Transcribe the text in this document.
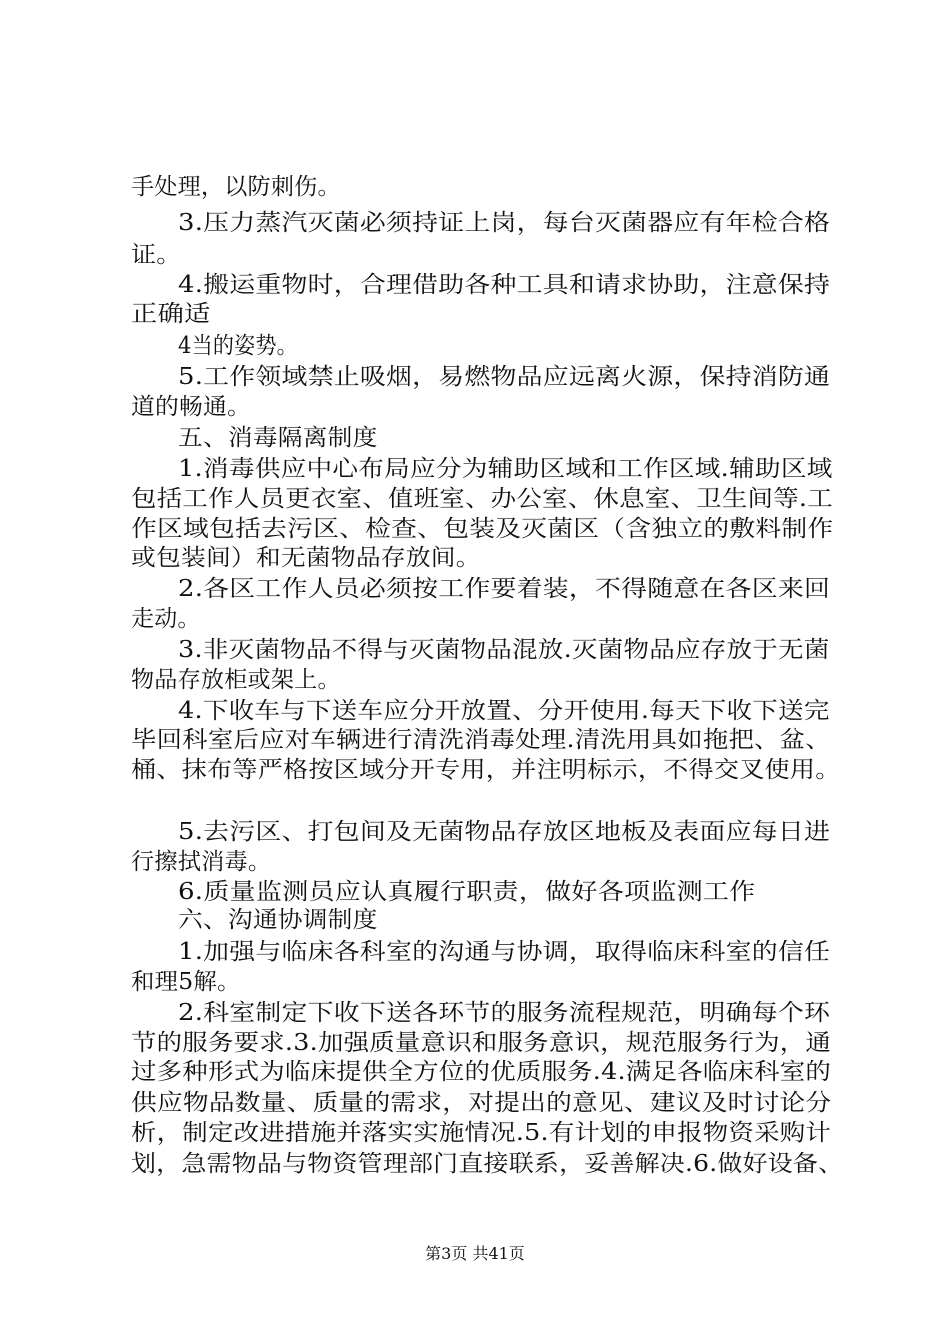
手处理，以防刺伤。
3.压力蒸汽灭菌必须持证上岗，每台灭菌器应有年检合格
证。
4.搬运重物时，合理借助各种工具和请求协助，注意保持
正确适
4当的姿势。
5.工作领域禁止吸烟，易燃物品应远离火源，保持消防通
道的畅通。
五、消毒隔离制度
1.消毒供应中心布局应分为辅助区域和工作区域.辅助区域
包括工作人员更衣室、值班室、办公室、休息室、卫生间等.工
作区域包括去污区、检查、包装及灭菌区（含独立的敷料制作
或包装间）和无菌物品存放间。
2.各区工作人员必须按工作要着装，不得随意在各区来回
走动。
3.非灭菌物品不得与灭菌物品混放.灭菌物品应存放于无菌
物品存放柜或架上。
4.下收车与下送车应分开放置、分开使用.每天下收下送完
毕回科室后应对车辆进行清洗消毒处理.清洗用具如拖把、盆、
桶、抹布等严格按区域分开专用，并注明标示，不得交叉使用。
5.去污区、打包间及无菌物品存放区地板及表面应每日进
行擦拭消毒。
6.质量监测员应认真履行职责，做好各项监测工作
六、沟通协调制度
1.加强与临床各科室的沟通与协调，取得临床科室的信任
和理5解。
2.科室制定下收下送各环节的服务流程规范，明确每个环
节的服务要求.3.加强质量意识和服务意识，规范服务行为，通
过多种形式为临床提供全方位的优质服务.4.满足各临床科室的
供应物品数量、质量的需求，对提出的意见、建议及时讨论分
析，制定改进措施并落实实施情况.5.有计划的申报物资采购计
划，急需物品与物资管理部门直接联系，妥善解决.6.做好设备、
第3页 共41页
